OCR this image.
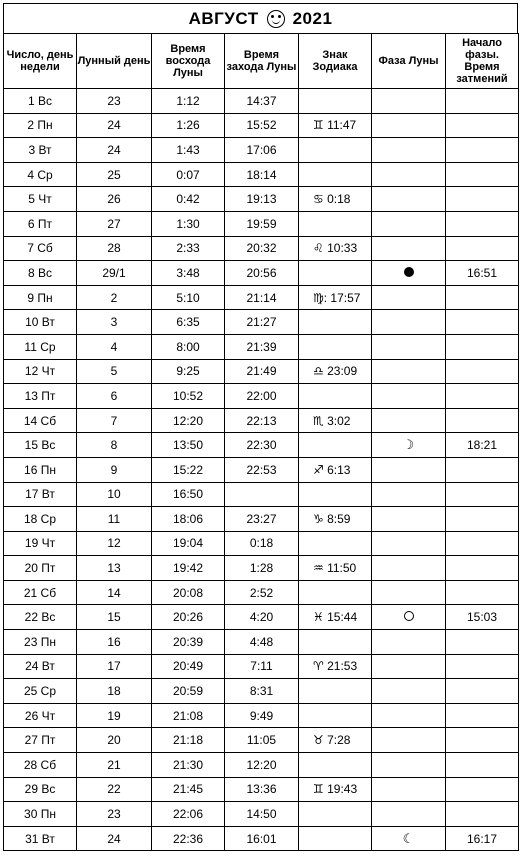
АВГУСТ 2021
Число, день недели	Лунный день	Время восхода Луны	Время захода Луны	Знак Зодиака	Фаза Луны	Начало фазы. Время затмений
1 Вс	23	1:12	14:37			
2 Пн	24	1:26	15:52	♊ 11:47		
3 Вт	24	1:43	17:06			
4 Ср	25	0:07	18:14			
5 Чт	26	0:42	19:13	♋ 0:18		
6 Пт	27	1:30	19:59			
7 Сб	28	2:33	20:32	♌ 10:33		
8 Вс	29/1	3:48	20:56			16:51
9 Пн	2	5:10	21:14	♍: 17:57		
10 Вт	3	6:35	21:27			
11 Ср	4	8:00	21:39			
12 Чт	5	9:25	21:49	♎ 23:09		
13 Пт	6	10:52	22:00			
14 Сб	7	12:20	22:13	♏ 3:02		
15 Вс	8	13:50	22:30		☽	18:21
16 Пн	9	15:22	22:53	♐ 6:13		
17 Вт	10	16:50				
18 Ср	11	18:06	23:27	♑ 8:59		
19 Чт	12	19:04	0:18			
20 Пт	13	19:42	1:28	♒ 11:50		
21 Сб	14	20:08	2:52			
22 Вс	15	20:26	4:20	♓ 15:44		15:03
23 Пн	16	20:39	4:48			
24 Вт	17	20:49	7:11	♈ 21:53		
25 Ср	18	20:59	8:31			
26 Чт	19	21:08	9:49			
27 Пт	20	21:18	11:05	♉ 7:28		
28 Сб	21	21:30	12:20			
29 Вс	22	21:45	13:36	♊ 19:43		
30 Пн	23	22:06	14:50			
31 Вт	24	22:36	16:01		☾	16:17
